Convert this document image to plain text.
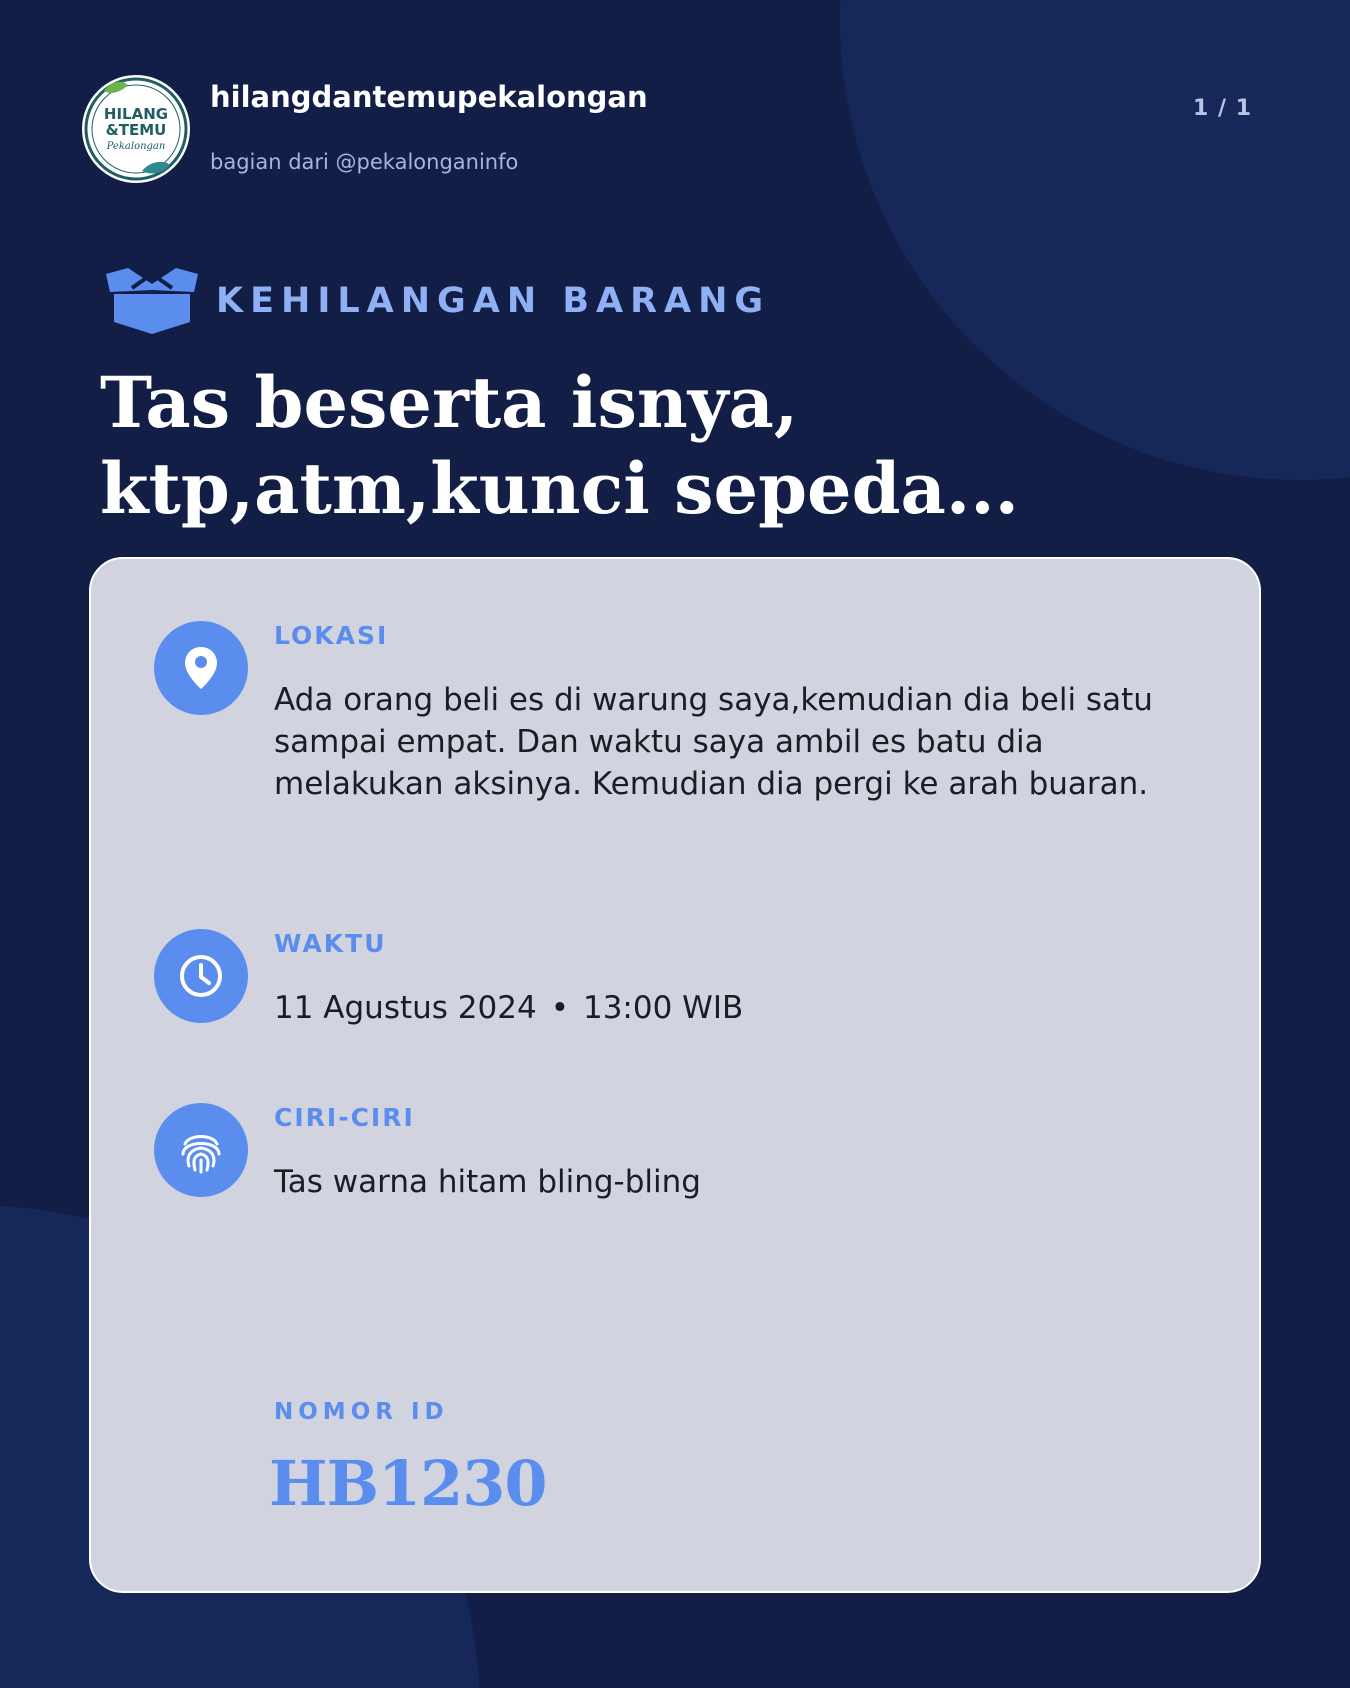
HILANG
&TEMU
Pekalongan
hilangdantemupekalongan
bagian dari @pekalonganinfo
1 / 1
KEHILANGAN BARANG
Tas beserta isnya, ktp,atm,kunci sepeda...
LOKASI
Ada orang beli es di warung saya,kemudian dia beli satu sampai empat. Dan waktu saya ambil es batu dia melakukan aksinya. Kemudian dia pergi ke arah buaran.
WAKTU
11 Agustus 2024 • 13:00 WIB
CIRI-CIRI
Tas warna hitam bling-bling
NOMOR ID
HB1230
